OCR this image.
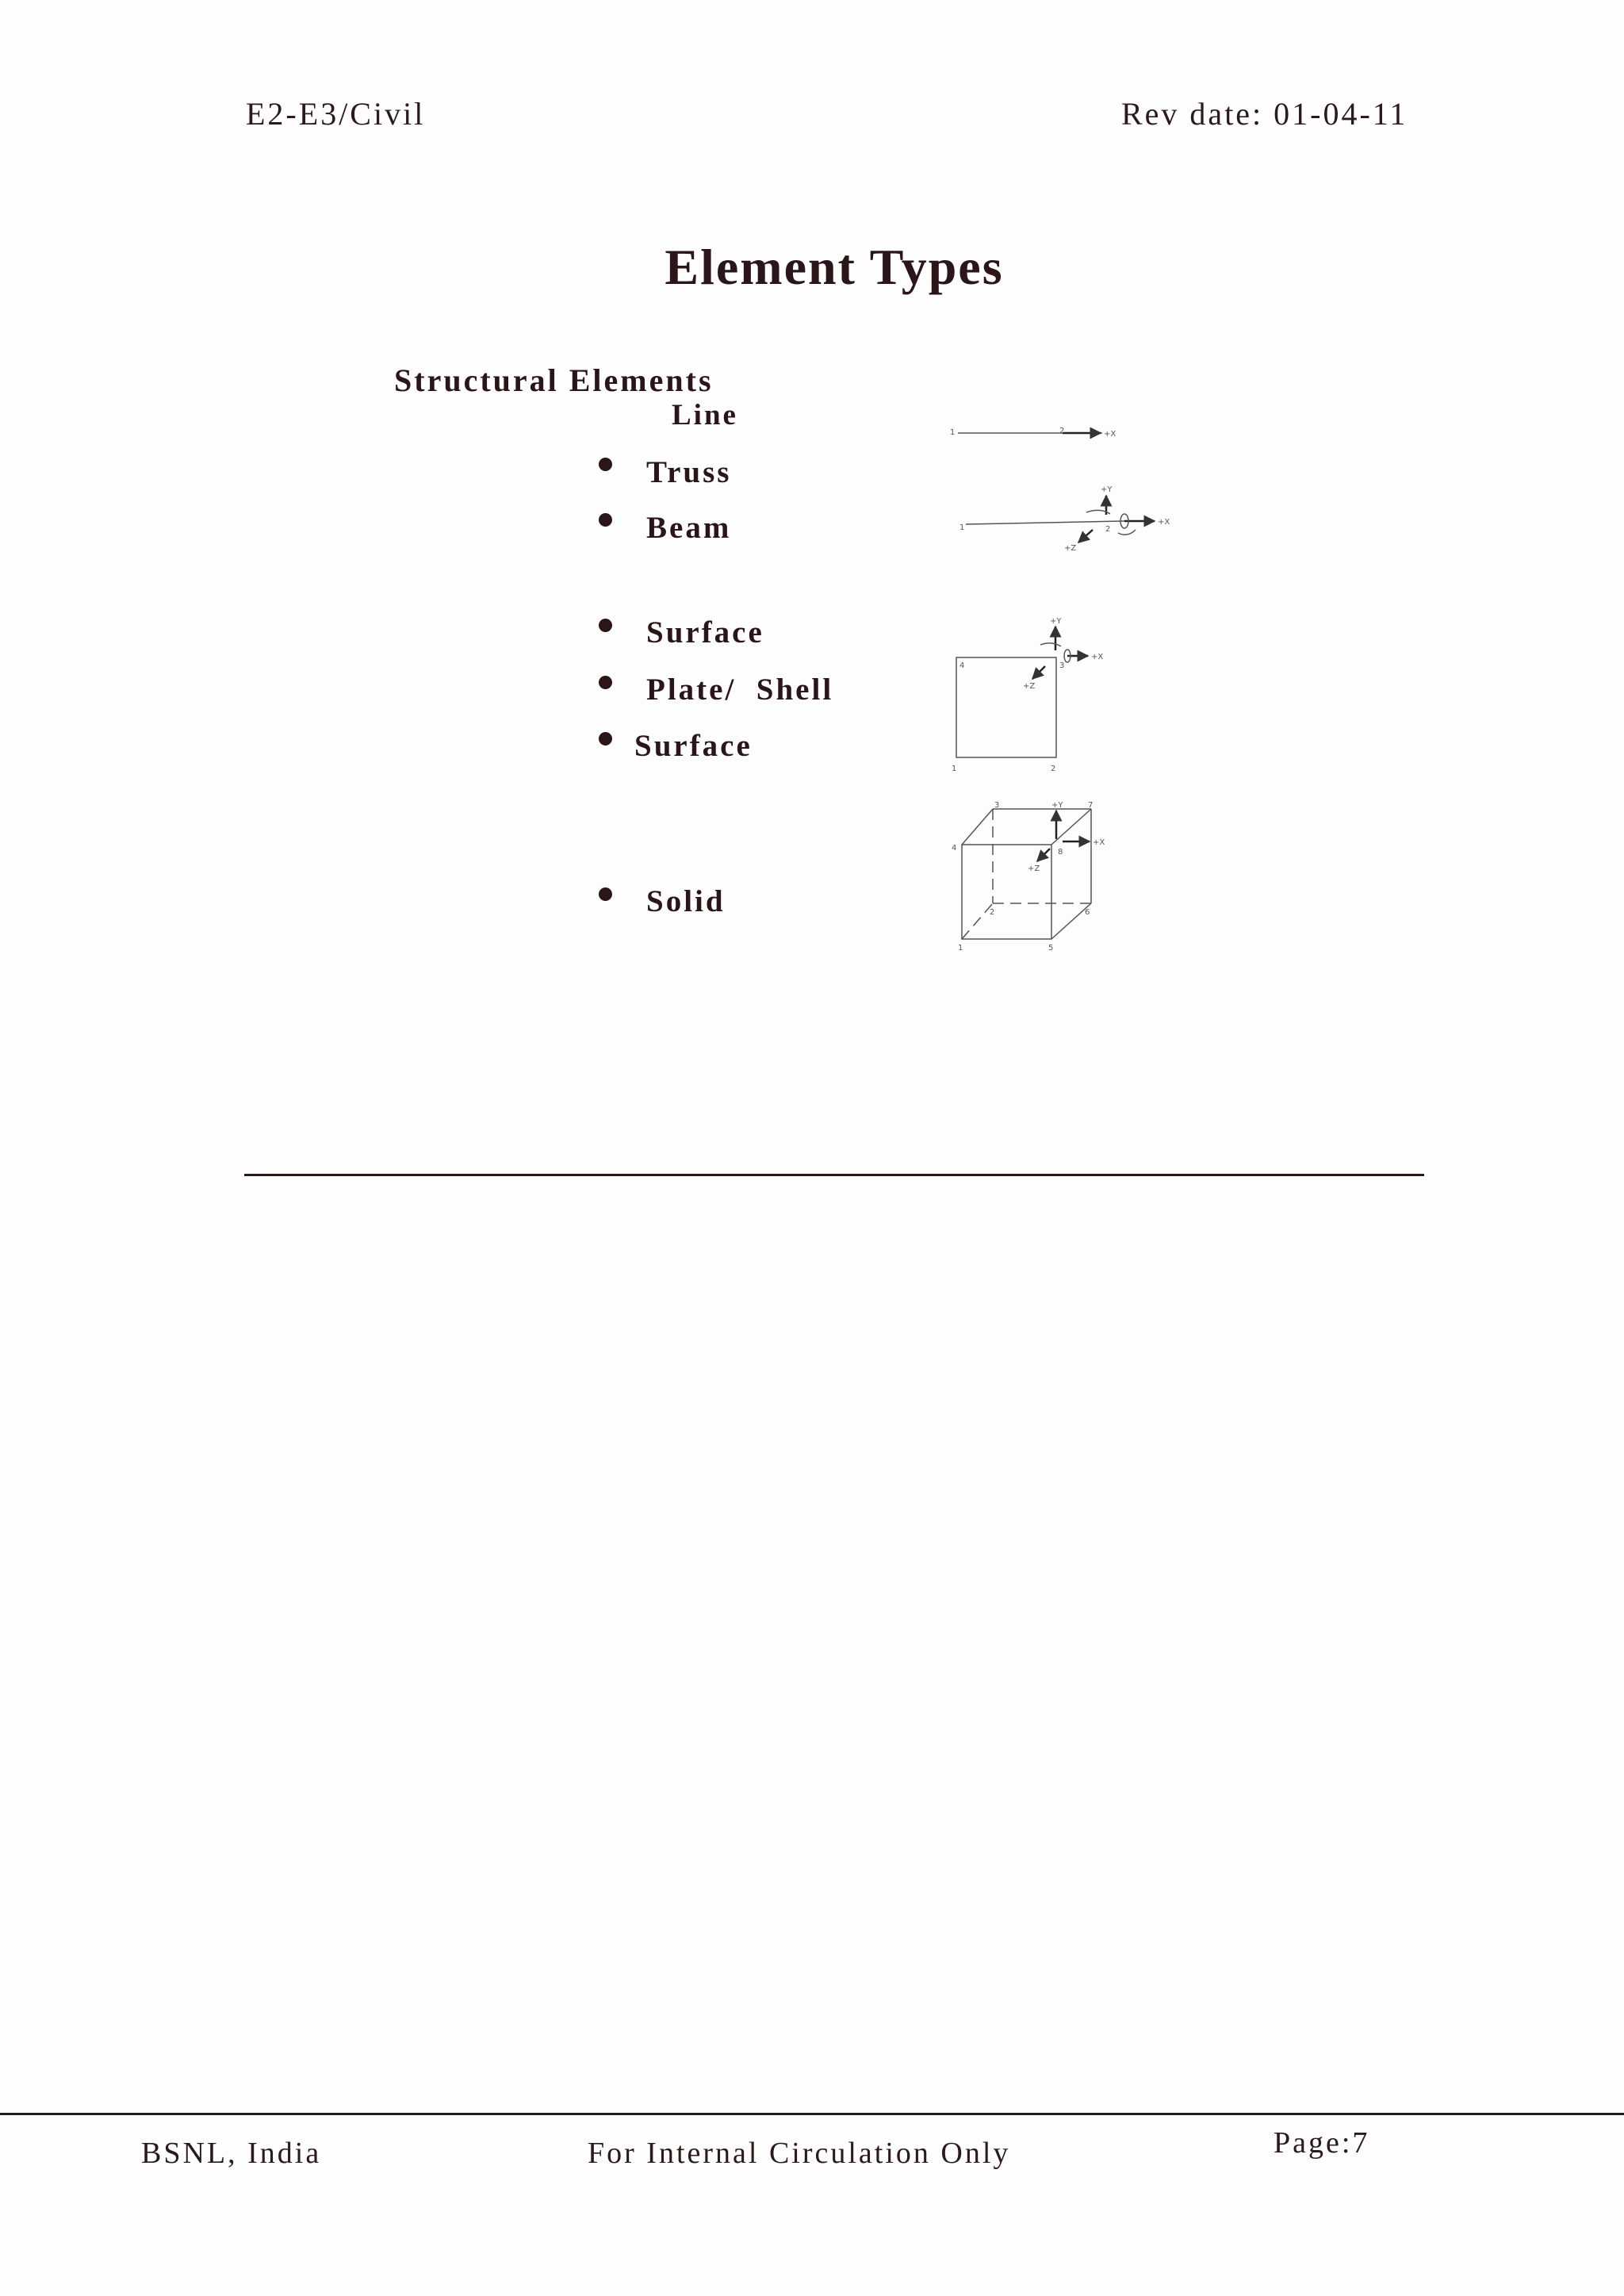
E2-E3/Civil	Rev date: 01-04-11
Element Types
Structural Elements
Line
Truss
Beam
Surface
Plate/  Shell
Surface
Solid
1	2	+X
1	2
+Y
+X
+Z
1	2
3
4
+Y
+X
+Z
1
2
3
4
5
6
7
8
+Y
+X
+Z
BSNL, India	For Internal Circulation Only	Page:7
